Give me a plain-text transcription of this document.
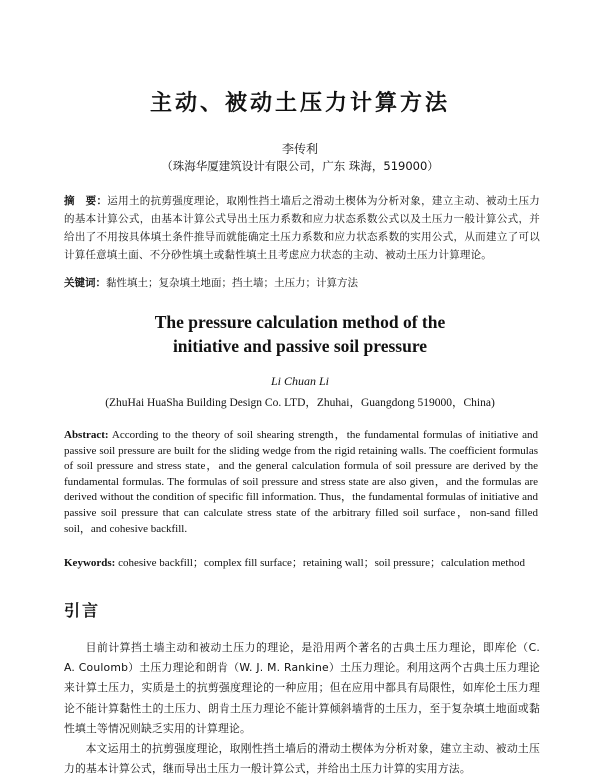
主动、被动土压力计算方法
李传利
（珠海华厦建筑设计有限公司，广东 珠海，519000）
摘　要：运用土的抗剪强度理论，取刚性挡土墙后之滑动土楔体为分析对象，建立主动、被动土压力的基本计算公式，由基本计算公式导出土压力系数和应力状态系数公式以及土压力一般计算公式，并给出了不用按具体填土条件推导而就能确定土压力系数和应力状态系数的实用公式，从而建立了可以计算任意填土面、不分砂性填土或黏性填土且考虑应力状态的主动、被动土压力计算理论。
关键词：黏性填土；复杂填土地面；挡土墙；土压力；计算方法
The pressure calculation method of the
initiative and passive soil pressure
Li Chuan Li
(ZhuHai HuaSha Building Design Co. LTD，Zhuhai，Guangdong 519000，China)
Abstract: According to the theory of soil shearing strength，the fundamental formulas of initiative and passive soil pressure are built for the sliding wedge from the rigid retaining walls. The coefficient formulas of soil pressure and stress state，and the general calculation formula of soil pressure are derived by the fundamental formulas. The formulas of soil pressure and stress state are also given，and the formulas are derived without the condition of specific fill information. Thus，the fundamental formulas of initiative and passive soil pressure that can calculate stress state of the arbitrary filled soil surface，non-sand filled soil，and cohesive backfill.
Keywords: cohesive backfill；complex fill surface；retaining wall；soil pressure；calculation method
引言

目前计算挡土墙主动和被动土压力的理论，是沿用两个著名的古典土压力理论，即库伦（C. A. Coulomb）土压力理论和朗肯（W. J. M. Rankine）土压力理论。利用这两个古典土压力理论来计算土压力，实质是土的抗剪强度理论的一种应用；但在应用中都具有局限性，如库伦土压力理论不能计算黏性土的土压力、朗肯土压力理论不能计算倾斜墙背的土压力，至于复杂填土地面或黏性填土等情况则缺乏实用的计算理论。

本文运用土的抗剪强度理论，取刚性挡土墙后的滑动土楔体为分析对象，建立主动、被动土压力的基本计算公式，继而导出土压力一般计算公式，并给出土压力计算的实用方法。
